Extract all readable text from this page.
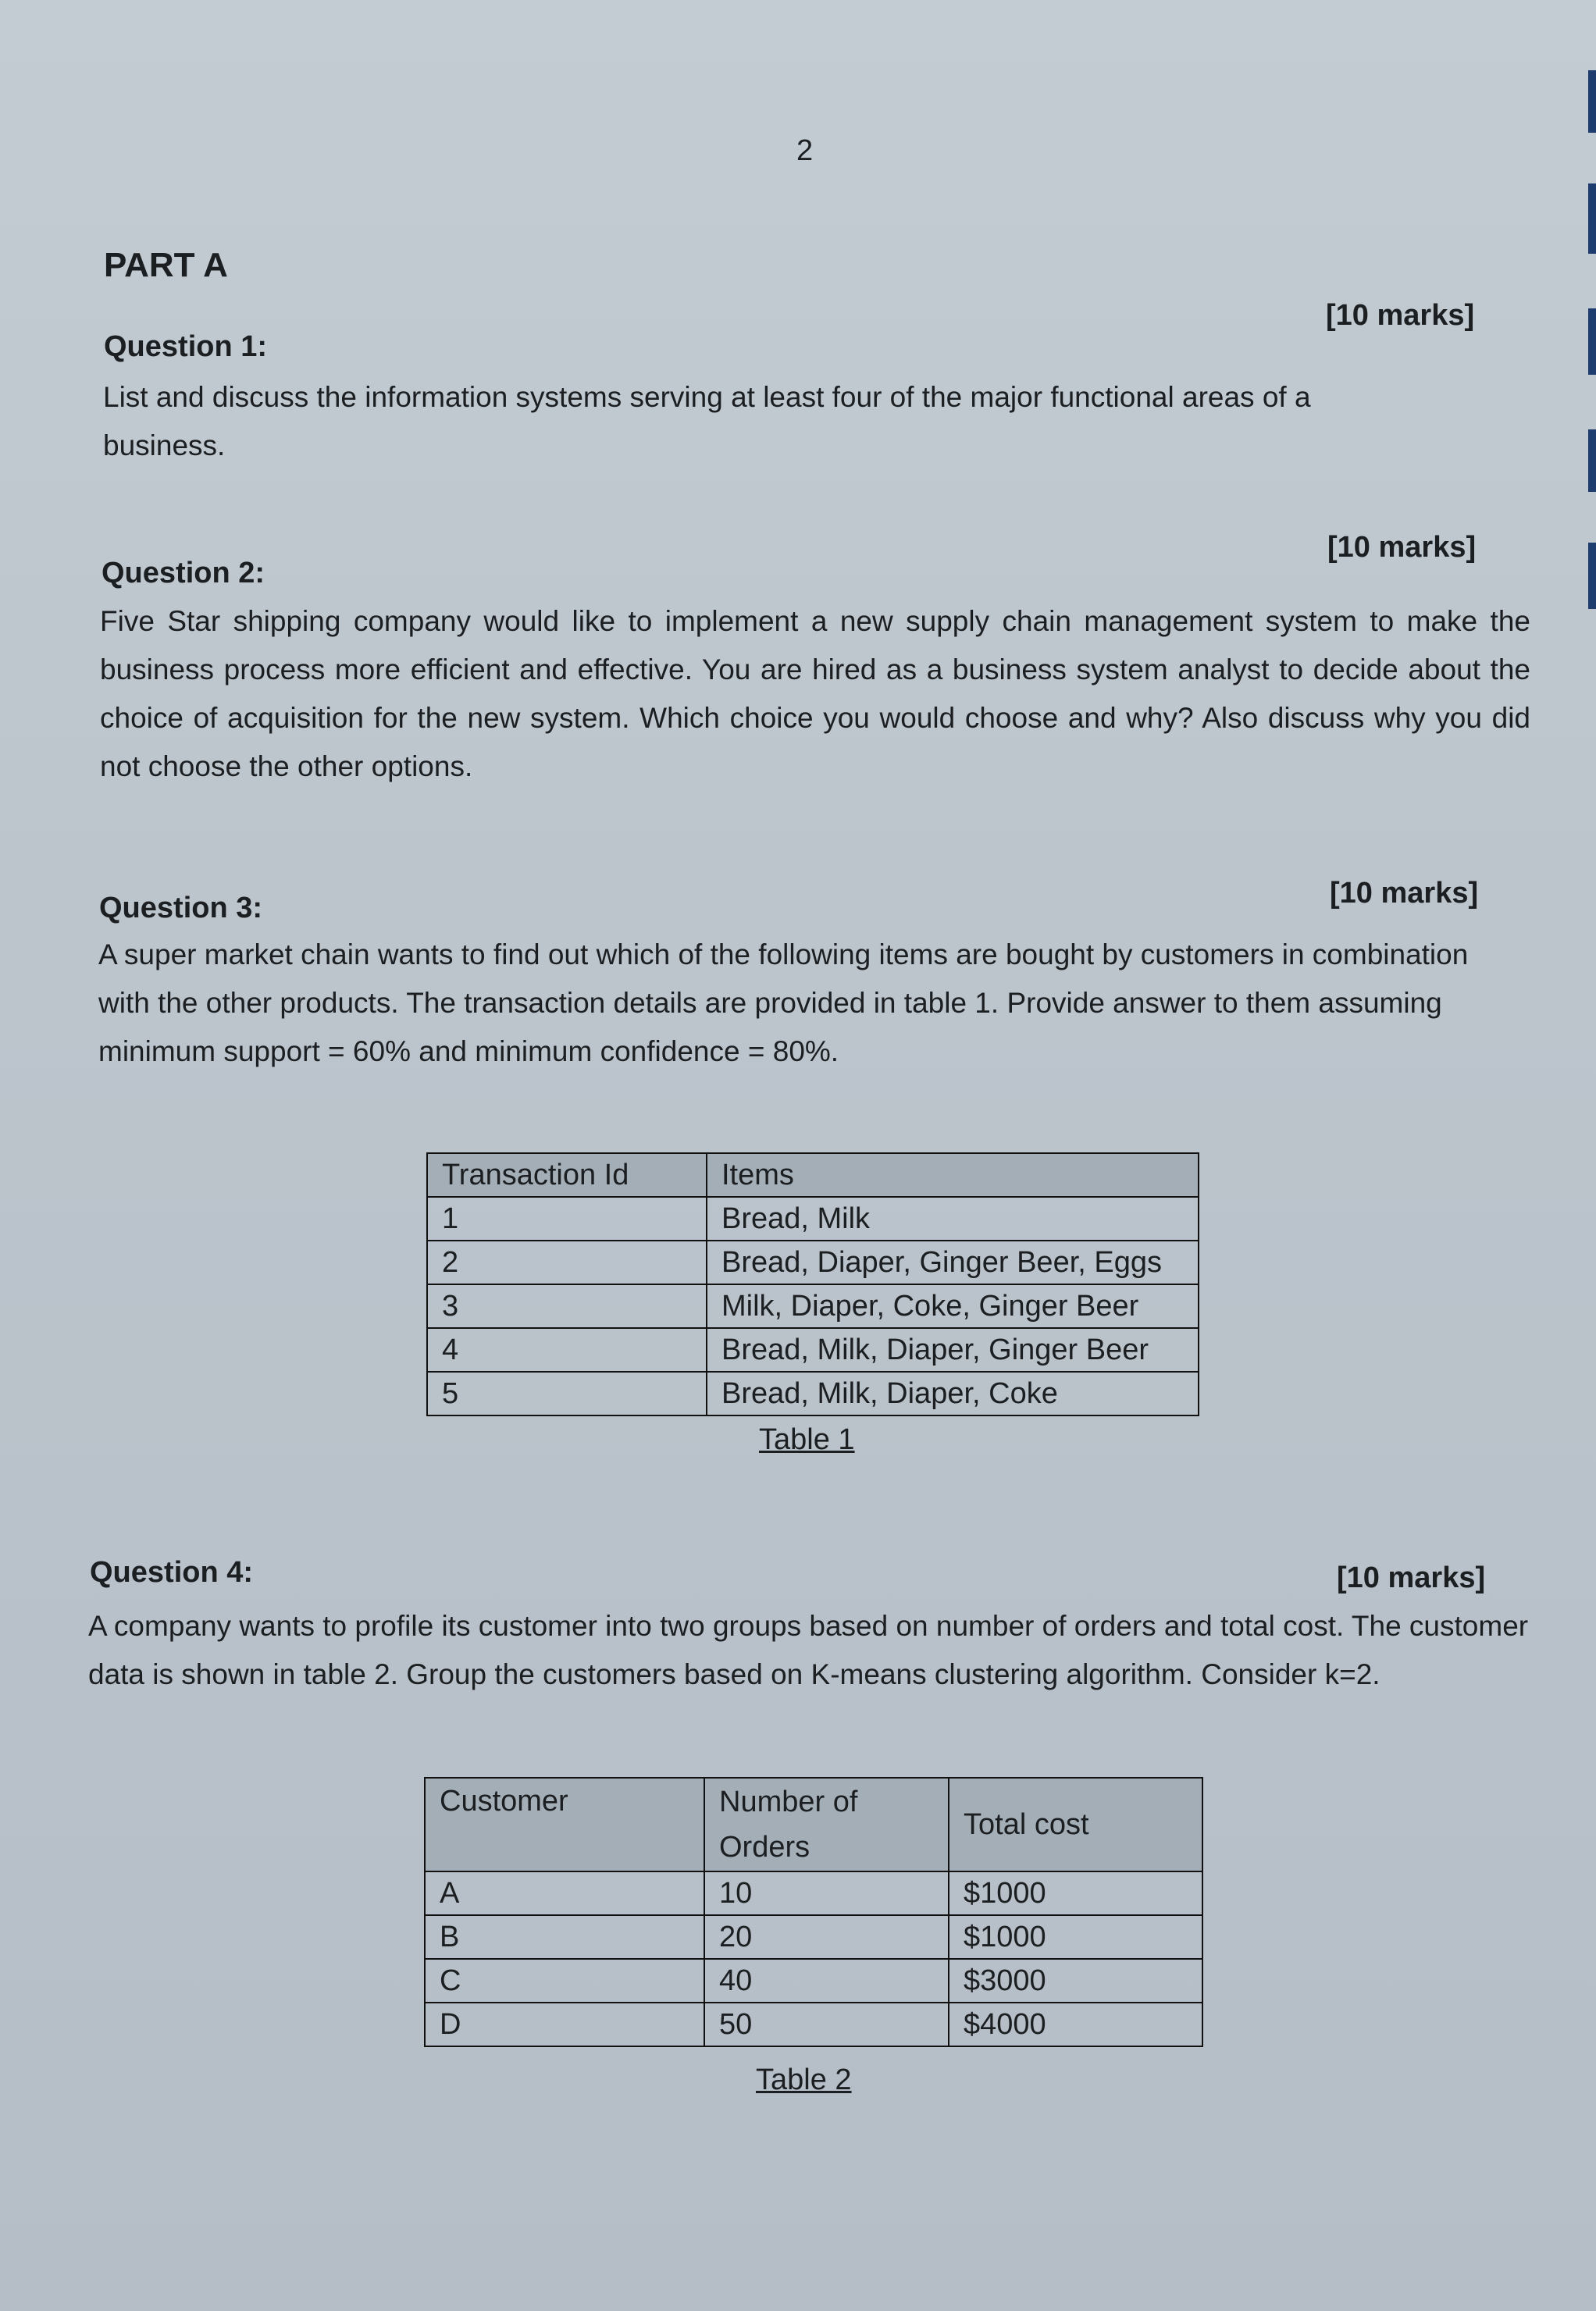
2
PART A
Question 1:
[10 marks]

List and discuss the information systems serving at least four of the major functional areas of a business.

Question 2:
[10 marks]

Five Star shipping company would like to implement a new supply chain management system to make the business process more efficient and effective. You are hired as a business system analyst to decide about the choice of acquisition for the new system. Which choice you would choose and why? Also discuss why you did not choose the other options.

Question 3:	[10 marks]

A super market chain wants to find out which of the following items are bought by customers in combination with the other products. The transaction details are provided in table 1. Provide answer to them assuming minimum support = 60% and minimum confidence = 80%.

Transaction Id	Items
1	Bread, Milk
2	Bread, Diaper, Ginger Beer, Eggs
3	Milk, Diaper, Coke, Ginger Beer
4	Bread, Milk, Diaper, Ginger Beer
5	Bread, Milk, Diaper, Coke
Table 1
Question 4:	[10 marks]

A company wants to profile its customer into two groups based on number of orders and total cost. The customer data is shown in table 2. Group the customers based on K-means clustering algorithm. Consider k=2.

Customer	Number of Orders	Total cost
A	10	$1000
B	20	$1000
C	40	$3000
D	50	$4000
Table 2
